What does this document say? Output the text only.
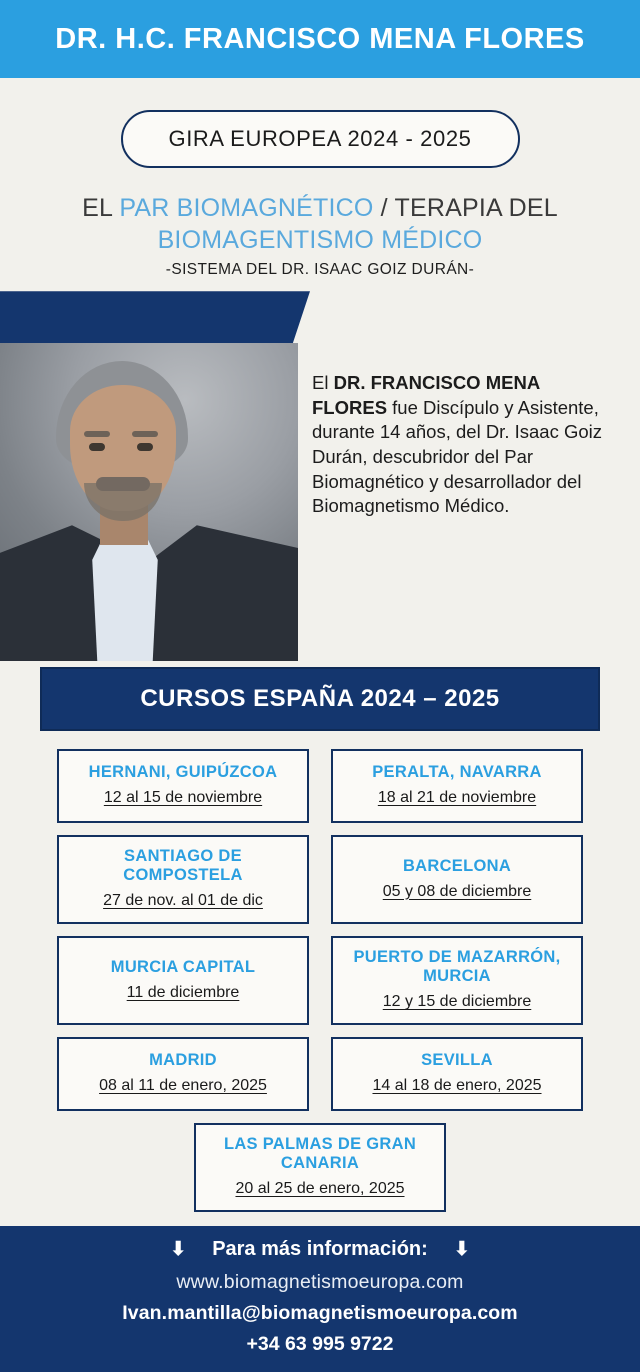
DR. H.C. FRANCISCO MENA FLORES
GIRA EUROPEA 2024 - 2025
EL PAR BIOMAGNÉTICO / TERAPIA DEL
BIOMAGENTISMO MÉDICO
-SISTEMA DEL DR. ISAAC GOIZ DURÁN-
El DR. FRANCISCO MENA FLORES fue Discípulo y Asistente, durante 14 años, del Dr. Isaac Goiz Durán, descubridor del Par Biomagnético y desarrollador del Biomagnetismo Médico.
CURSOS ESPAÑA 2024 – 2025
HERNANI, GUIPÚZCOA
12 al 15 de noviembre
PERALTA, NAVARRA
18 al 21 de noviembre
SANTIAGO DE COMPOSTELA
27 de nov. al 01 de dic
BARCELONA
05 y 08 de diciembre
MURCIA CAPITAL
11 de diciembre
PUERTO DE MAZARRÓN, MURCIA
12 y 15 de diciembre
MADRID
08 al 11 de enero, 2025
SEVILLA
14 al 18 de enero, 2025
LAS PALMAS DE GRAN CANARIA
20 al 25 de enero, 2025
⬇ Para más información: ⬇
www.biomagnetismoeuropa.com
Ivan.mantilla@biomagnetismoeuropa.com
+34 63 995 9722
